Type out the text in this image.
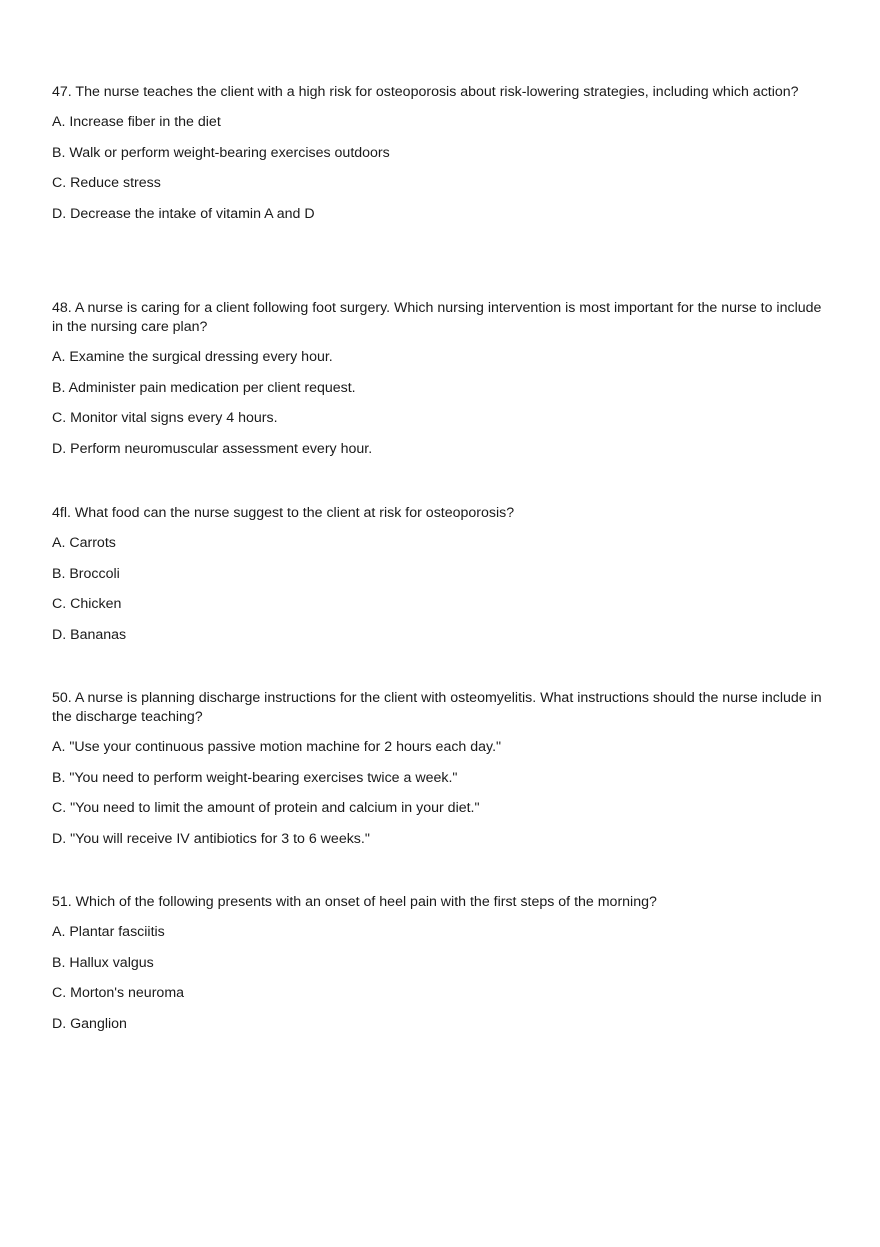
47. The nurse teaches the client with a high risk for osteoporosis about risk-lowering strategies, including which action?

A. Increase fiber in the diet
B. Walk or perform weight-bearing exercises outdoors
C. Reduce stress
D. Decrease the intake of vitamin A and D

48. A nurse is caring for a client following foot surgery. Which nursing intervention is most important for the nurse to include in the nursing care plan?

A. Examine the surgical dressing every hour.
B. Administer pain medication per client request.
C. Monitor vital signs every 4 hours.
D. Perform neuromuscular assessment every hour.

4fl. What food can the nurse suggest to the client at risk for osteoporosis?

A. Carrots
B. Broccoli
C. Chicken
D. Bananas

50. A nurse is planning discharge instructions for the client with osteomyelitis. What instructions should the nurse include in the discharge teaching?

A. "Use your continuous passive motion machine for 2 hours each day."
B. "You need to perform weight-bearing exercises twice a week."
C. "You need to limit the amount of protein and calcium in your diet."
D. "You will receive IV antibiotics for 3 to 6 weeks."

51. Which of the following presents with an onset of heel pain with the first steps of the morning?

A. Plantar fasciitis
B. Hallux valgus
C. Morton's neuroma
D. Ganglion
